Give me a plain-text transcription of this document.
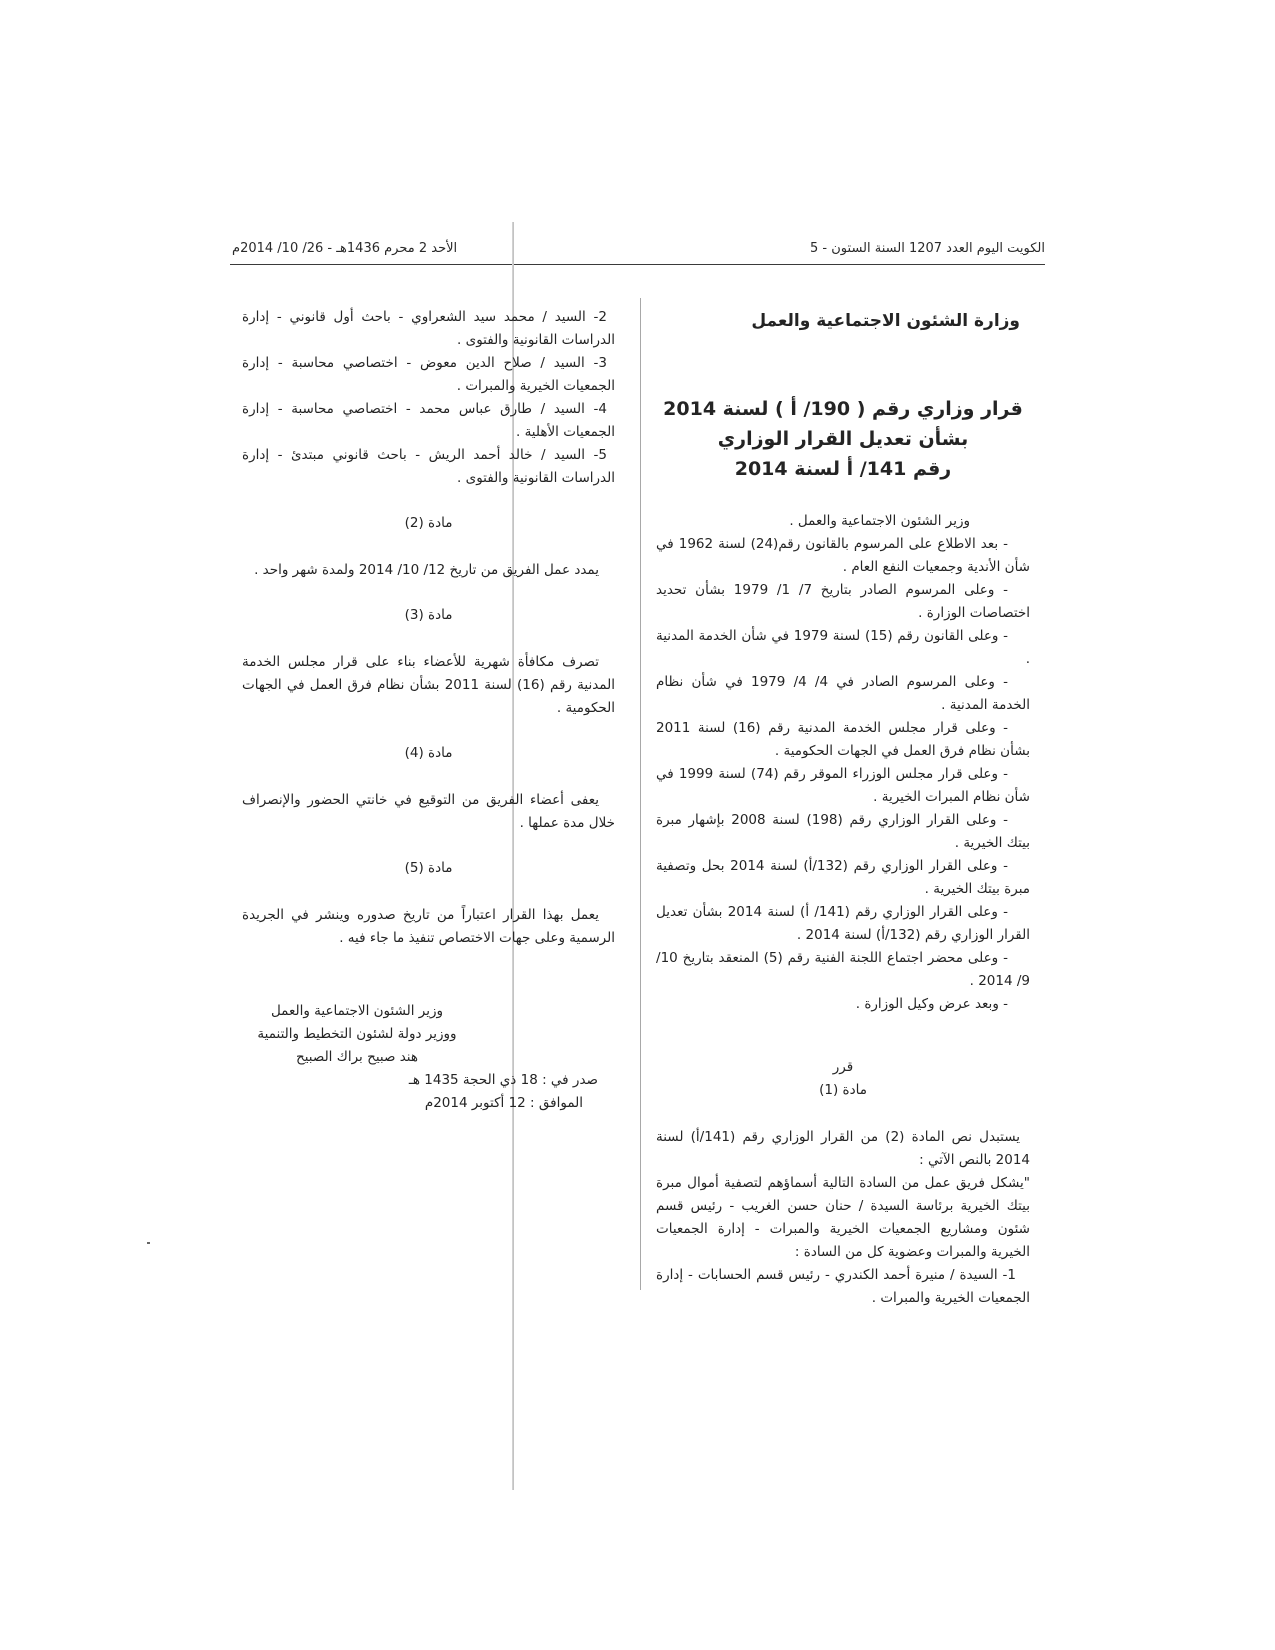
الكويت اليوم العدد 1207 السنة الستون - 5
الأحد 2 محرم 1436هـ - 26/ 10/ 2014م

وزارة الشئون الاجتماعية والعمل

قرار وزاري رقم ( 190/ أ ) لسنة 2014

بشأن تعديل القرار الوزاري

رقم 141/ أ لسنة 2014

وزير الشئون الاجتماعية والعمل .

- بعد الاطلاع على المرسوم بالقانون رقم(24) لسنة 1962 في شأن الأندية وجمعيات النفع العام .

- وعلى المرسوم الصادر بتاريخ 7/ 1/ 1979 بشأن تحديد اختصاصات الوزارة .

- وعلى القانون رقم (15) لسنة 1979 في شأن الخدمة المدنية .

- وعلى المرسوم الصادر في 4/ 4/ 1979 في شأن نظام الخدمة المدنية .

- وعلى قرار مجلس الخدمة المدنية رقم (16) لسنة 2011 بشأن نظام فرق العمل في الجهات الحكومية .

- وعلى قرار مجلس الوزراء الموقر رقم (74) لسنة 1999 في شأن نظام المبرات الخيرية .

- وعلى القرار الوزاري رقم (198) لسنة 2008 بإشهار مبرة بيتك الخيرية .

- وعلى القرار الوزاري رقم (132/أ) لسنة 2014 بحل وتصفية مبرة بيتك الخيرية .

- وعلى القرار الوزاري رقم (141/ أ) لسنة 2014 بشأن تعديل القرار الوزاري رقم (132/أ) لسنة 2014 .

- وعلى محضر اجتماع اللجنة الفنية رقم (5) المنعقد بتاريخ 10/ 9/ 2014 .

- وبعد عرض وكيل الوزارة .

قرر

مادة (1)

يستبدل نص المادة (2) من القرار الوزاري رقم (141/أ) لسنة 2014 بالنص الآتي :

"يشكل فريق عمل من السادة التالية أسماؤهم لتصفية أموال مبرة بيتك الخيرية برئاسة السيدة / حنان حسن الغريب - رئيس قسم شئون ومشاريع الجمعيات الخيرية والمبرات - إدارة الجمعيات الخيرية والمبرات وعضوية كل من السادة :

1- السيدة / منيرة أحمد الكندري - رئيس قسم الحسابات - إدارة الجمعيات الخيرية والمبرات .

2- السيد / محمد سيد الشعراوي - باحث أول قانوني - إدارة الدراسات القانونية والفتوى .

3- السيد / صلاح الدين معوض - اختصاصي محاسبة - إدارة الجمعيات الخيرية والمبرات .

4- السيد / طارق عباس محمد - اختصاصي محاسبة - إدارة الجمعيات الأهلية .

5- السيد / خالد أحمد الريش - باحث قانوني مبتدئ - إدارة الدراسات القانونية والفتوى .

مادة (2)

يمدد عمل الفريق من تاريخ 12/ 10/ 2014 ولمدة شهر واحد .

مادة (3)

تصرف مكافأة شهرية للأعضاء بناء على قرار مجلس الخدمة المدنية رقم (16) لسنة 2011 بشأن نظام فرق العمل في الجهات الحكومية .

مادة (4)

يعفى أعضاء الفريق من التوقيع في خانتي الحضور والإنصراف خلال مدة عملها .

مادة (5)

يعمل بهذا القرار اعتباراً من تاريخ صدوره وينشر في الجريدة الرسمية وعلى جهات الاختصاص تنفيذ ما جاء فيه .

وزير الشئون الاجتماعية والعمل

ووزير دولة لشئون التخطيط والتنمية

هند صبيح براك الصبيح

صدر في : 18 ذي الحجة 1435 هـ

الموافق : 12 أكتوبر 2014م
